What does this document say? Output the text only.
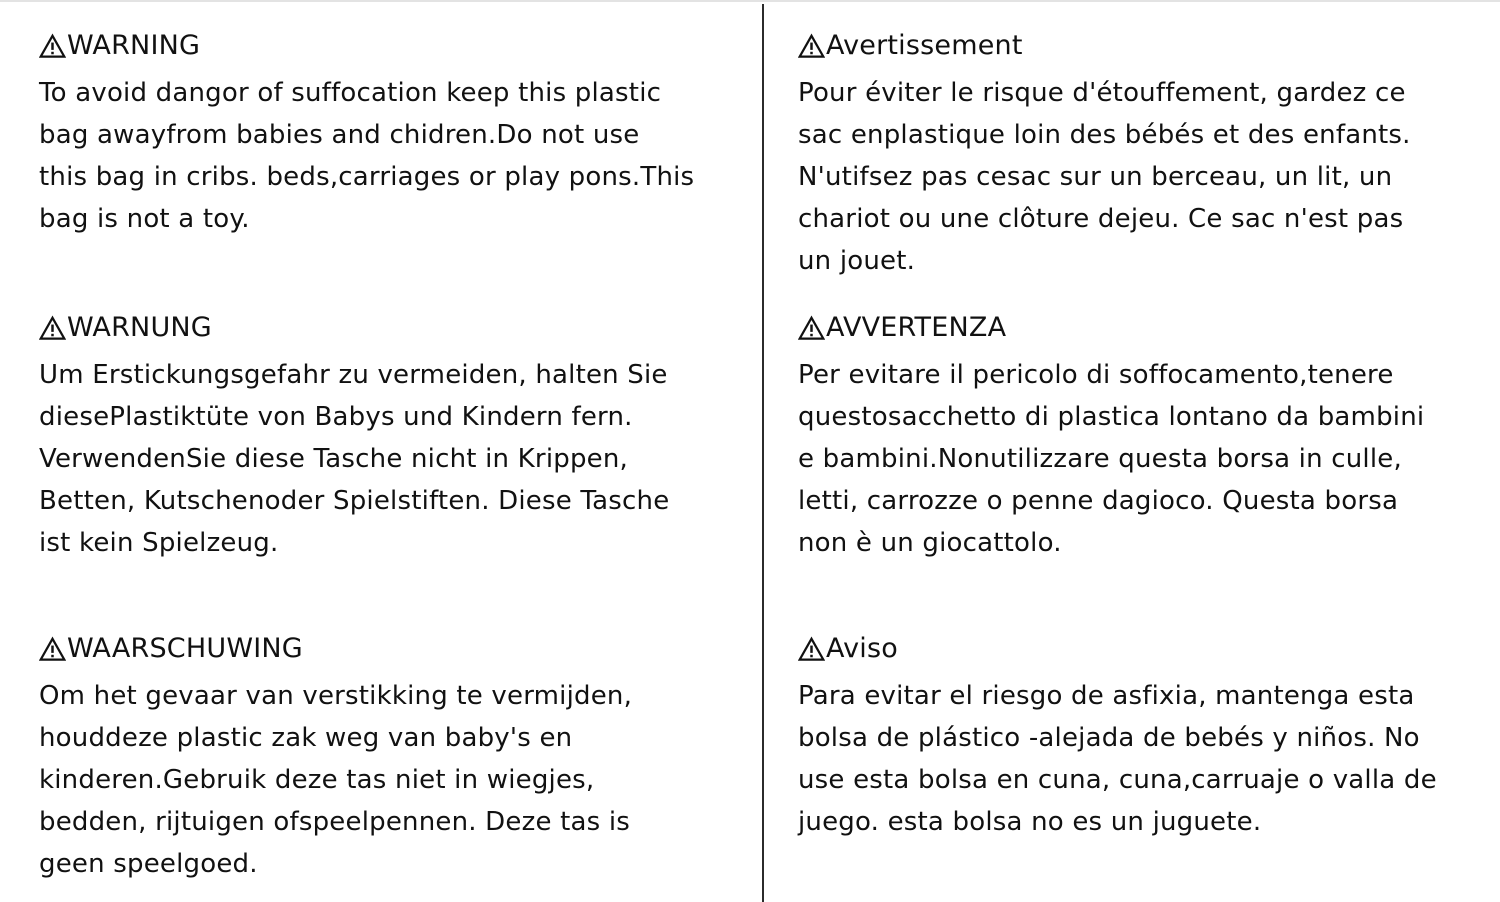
WARNING
To avoid dangor of suffocation keep this plastic
bag awayfrom babies and chidren.Do not use
this bag in cribs. beds,carriages or play pons.This
bag is not a toy.
Avertissement
Pour éviter le risque d'étouffement, gardez ce
sac enplastique loin des bébés et des enfants.
N'utifsez pas cesac sur un berceau, un lit, un
chariot ou une clôture dejeu. Ce sac n'est pas
un jouet.
WARNUNG
Um Erstickungsgefahr zu vermeiden, halten Sie
diesePlastiktüte von Babys und Kindern fern.
VerwendenSie diese Tasche nicht in Krippen,
Betten, Kutschenoder Spielstiften. Diese Tasche
ist kein Spielzeug.
AVVERTENZA
Per evitare il pericolo di soffocamento,tenere
questosacchetto di plastica lontano da bambini
e bambini.Nonutilizzare questa borsa in culle,
letti, carrozze o penne dagioco. Questa borsa
non è un giocattolo.
WAARSCHUWING
Om het gevaar van verstikking te vermijden,
houddeze plastic zak weg van baby's en
kinderen.Gebruik deze tas niet in wiegjes,
bedden, rijtuigen ofspeelpennen. Deze tas is
geen speelgoed.
Aviso
Para evitar el riesgo de asfixia, mantenga esta
bolsa de plástico -alejada de bebés y niños. No
use esta bolsa en cuna, cuna,carruaje o valla de
juego. esta bolsa no es un juguete.
